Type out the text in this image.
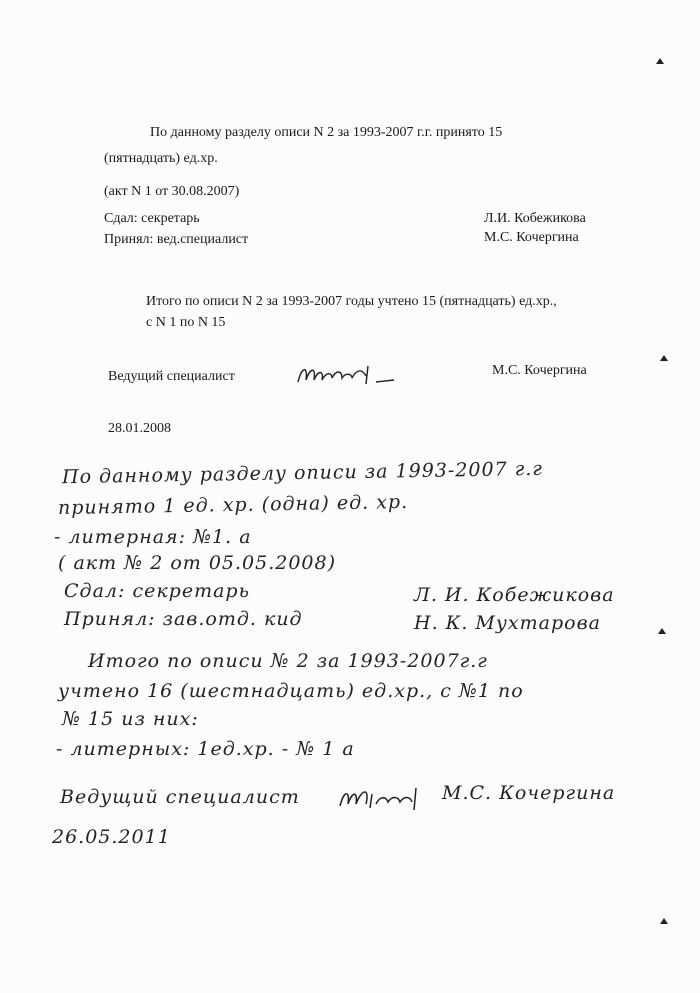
По данному разделу описи N 2 за 1993-2007 г.г. принято 15
(пятнадцать) ед.хр.
(акт N 1 от 30.08.2007)
Сдал: секретарь	Л.И. Кобежикова
Принял: вед.специалист	М.С. Кочергина
Итого по описи N 2 за 1993-2007 годы учтено 15 (пятнадцать) ед.хр.,
с N 1 по N 15
Ведущий специалист	М.С. Кочергина
28.01.2008
По данному разделу описи за 1993-2007 г.г
принято 1 ед. хр. (одна) ед. хр.
- литерная: №1. а
( акт № 2 от 05.05.2008)
Сдал: секретарь	Л. И. Кобежикова
Принял: зав.отд. кид	Н. К. Мухтарова
Итого по описи № 2 за 1993-2007г.г
учтено 16 (шестнадцать) ед.хр., с №1 по
№ 15 из них:
- литерных: 1ед.хр. - № 1 а
Ведущий специалист	М.С. Кочергина
26.05.2011
